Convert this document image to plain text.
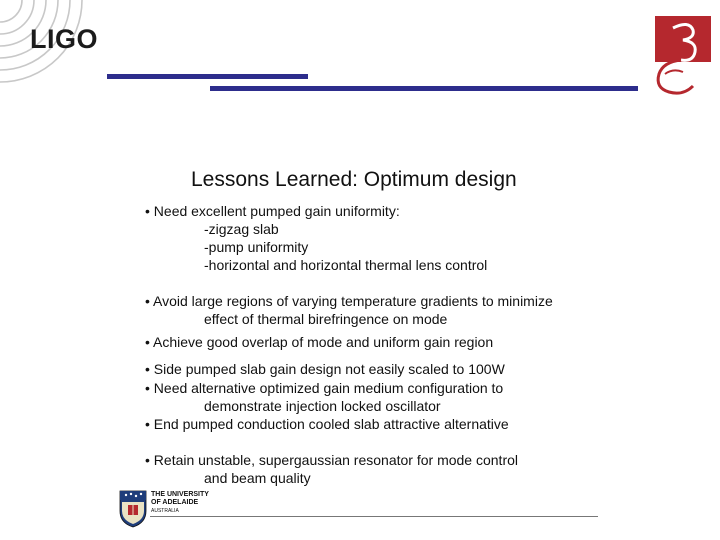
LIGO
Lessons Learned: Optimum design
• Need excellent pumped gain uniformity:
-zigzag slab
-pump uniformity
-horizontal and horizontal thermal lens control
• Avoid large regions of varying temperature gradients to minimize
effect of thermal birefringence on mode
• Achieve good overlap of mode and uniform gain region
• Side pumped slab gain design not easily scaled to 100W
• Need alternative optimized gain medium configuration to
demonstrate injection locked oscillator
• End pumped conduction cooled slab attractive alternative
• Retain unstable, supergaussian resonator for mode control
and beam quality
THE UNIVERSITY
OF ADELAIDE
AUSTRALIA
